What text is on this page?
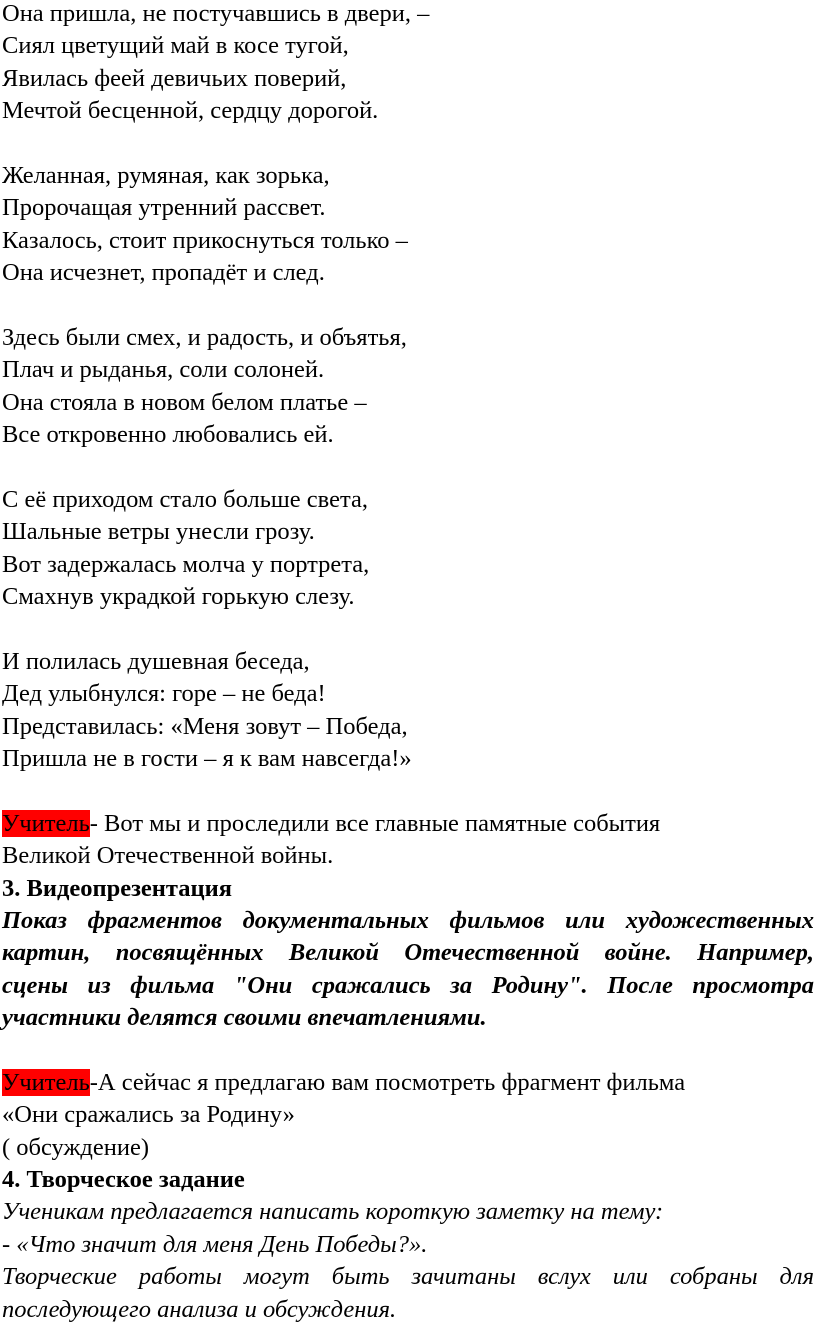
Она пришла, не постучавшись в двери, –
Сиял цветущий май в косе тугой,
Явилась феей девичьих поверий,
Мечтой бесценной, сердцу дорогой.
Желанная, румяная, как зорька,
Пророчащая утренний рассвет.
Казалось, стоит прикоснуться только –
Она исчезнет, пропадёт и след.
Здесь были смех, и радость, и объятья,
Плач и рыданья, соли солоней.
Она стояла в новом белом платье –
Все откровенно любовались ей.
С её приходом стало больше света,
Шальные ветры унесли грозу.
Вот задержалась молча у портрета,
Смахнув украдкой горькую слезу.
И полилась душевная беседа,
Дед улыбнулся: горе – не беда!
Представилась: «Меня зовут – Победа,
Пришла не в гости – я к вам навсегда!»
Учитель- Вот мы и проследили все главные памятные события
Великой Отечественной войны.
3. Видеопрезентация
Показ фрагментов документальных фильмов или художественных
картин, посвящённых Великой Отечественной войне. Например,
сцены из фильма "Они сражались за Родину". После просмотра
участники делятся своими впечатлениями.
Учитель-А сейчас я предлагаю вам посмотреть фрагмент фильма
«Они сражались за Родину»
( обсуждение)
4. Творческое задание
Ученикам предлагается написать короткую заметку на тему:
- «Что значит для меня День Победы?».
Творческие работы могут быть зачитаны вслух или собраны для
последующего анализа и обсуждения.
